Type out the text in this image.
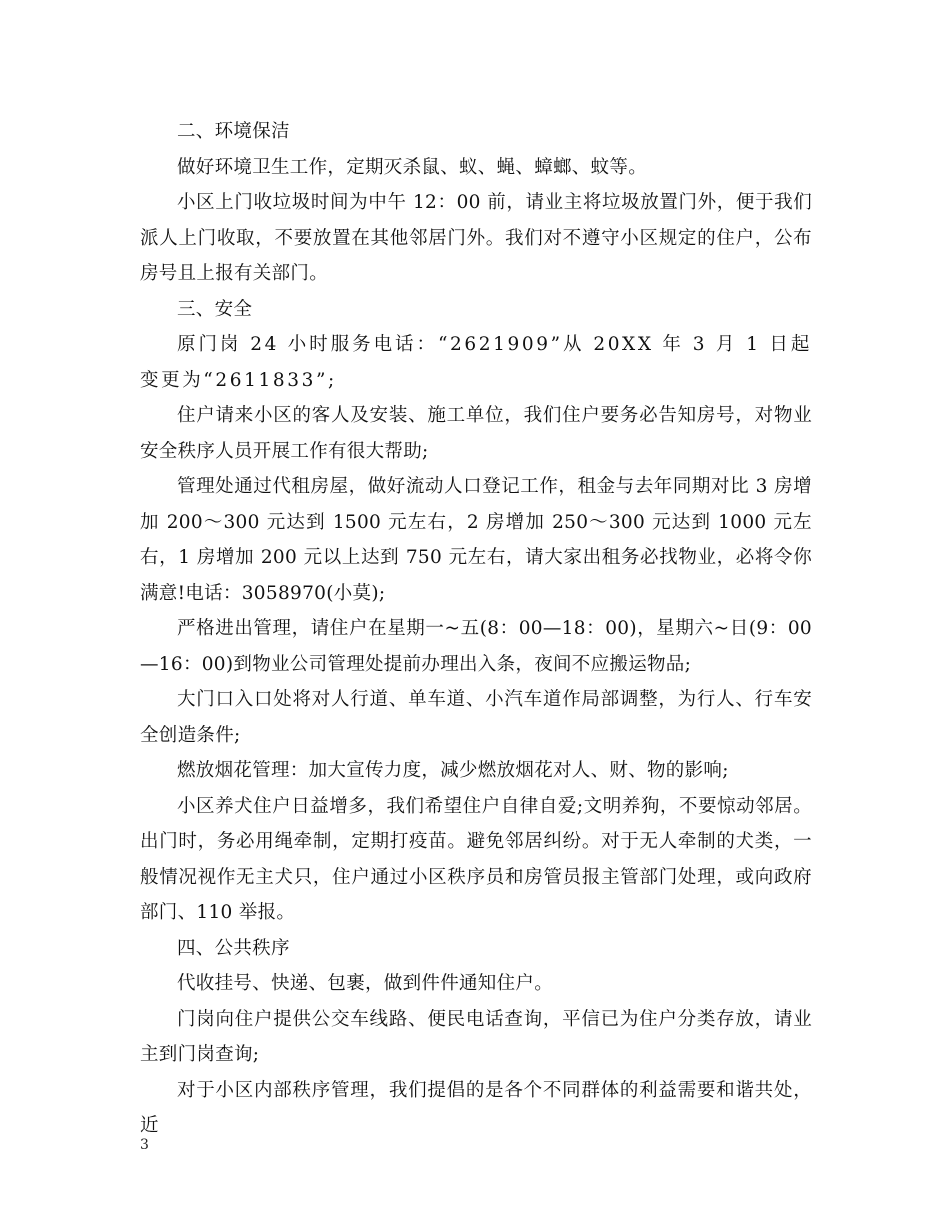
二、环境保洁

做好环境卫生工作，定期灭杀鼠、蚁、蝇、蟑螂、蚊等。

小区上门收垃圾时间为中午 12：00 前，请业主将垃圾放置门外，便于我们派人上门收取，不要放置在其他邻居门外。我们对不遵守小区规定的住户，公布房号且上报有关部门。

三、安全

原门岗 24 小时服务电话：“2621909”从 20XX 年 3 月 1 日起变更为“2611833”;

住户请来小区的客人及安装、施工单位，我们住户要务必告知房号，对物业安全秩序人员开展工作有很大帮助;

管理处通过代租房屋，做好流动人口登记工作，租金与去年同期对比 3 房增加 200～300 元达到 1500 元左右，2 房增加 250～300 元达到 1000 元左右，1 房增加 200 元以上达到 750 元左右，请大家出租务必找物业，必将令你满意!电话：3058970(小莫);

严格进出管理，请住户在星期一~五(8：00—18：00)，星期六~日(9：00—16：00)到物业公司管理处提前办理出入条，夜间不应搬运物品;

大门口入口处将对人行道、单车道、小汽车道作局部调整，为行人、行车安全创造条件;

燃放烟花管理：加大宣传力度，减少燃放烟花对人、财、物的影响;

小区养犬住户日益增多，我们希望住户自律自爱;文明养狗，不要惊动邻居。出门时，务必用绳牵制，定期打疫苗。避免邻居纠纷。对于无人牵制的犬类，一般情况视作无主犬只，住户通过小区秩序员和房管员报主管部门处理，或向政府部门、110 举报。

四、公共秩序

代收挂号、快递、包裹，做到件件通知住户。

门岗向住户提供公交车线路、便民电话查询，平信已为住户分类存放，请业主到门岗查询;

对于小区内部秩序管理，我们提倡的是各个不同群体的利益需要和谐共处，近

3
